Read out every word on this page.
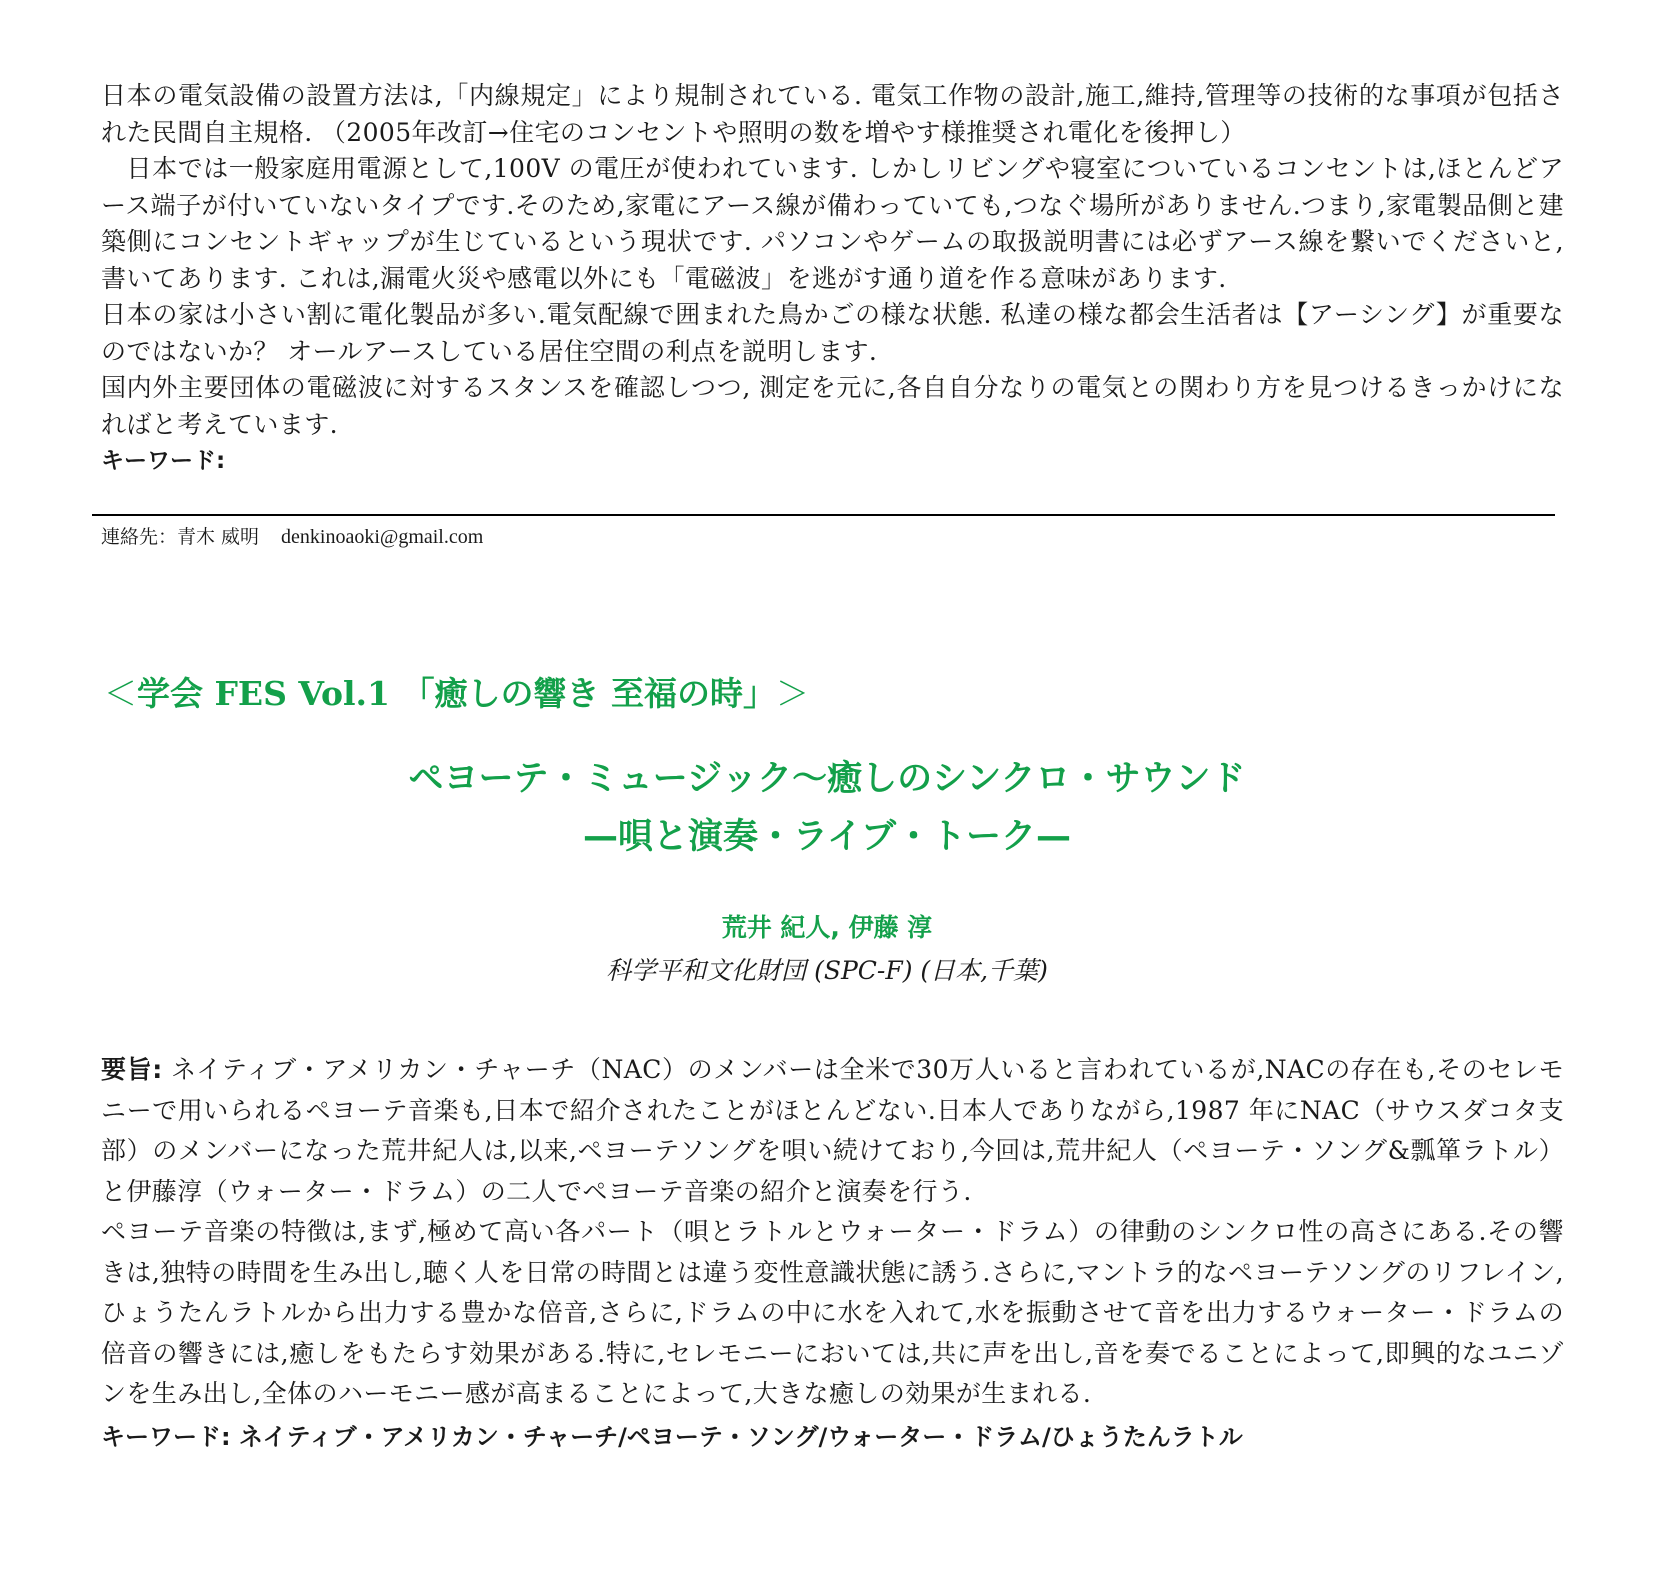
日本の電気設備の設置方法は,「内線規定」により規制されている. 電気工作物の設計,施工,維持,管理等の技術的な事項が包括された民間自主規格. （2005年改訂→住宅のコンセントや照明の数を増やす様推奨され電化を後押し）

　日本では一般家庭用電源として,100V の電圧が使われています. しかしリビングや寝室についているコンセントは,ほとんどアース端子が付いていないタイプです.そのため,家電にアース線が備わっていても,つなぐ場所がありません.つまり,家電製品側と建築側にコンセントギャップが生じているという現状です. パソコンやゲームの取扱説明書には必ずアース線を繋いでくださいと,書いてあります. これは,漏電火災や感電以外にも「電磁波」を逃がす通り道を作る意味があります.

日本の家は小さい割に電化製品が多い.電気配線で囲まれた鳥かごの様な状態. 私達の様な都会生活者は【アーシング】が重要なのではないか？ オールアースしている居住空間の利点を説明します.

国内外主要団体の電磁波に対するスタンスを確認しつつ, 測定を元に,各自自分なりの電気との関わり方を見つけるきっかけになればと考えています.

キーワード:
連絡先：青木 威明 denkinoaoki@gmail.com
＜学会 FES Vol.1 「癒しの響き 至福の時」＞
ペヨーテ・ミュージック～癒しのシンクロ・サウンド
—唄と演奏・ライブ・トーク—
荒井 紀人, 伊藤 淳
科学平和文化財団 (SPC-F) (日本,千葉)

要旨: ネイティブ・アメリカン・チャーチ（NAC）のメンバーは全米で30万人いると言われているが,NACの存在も,そのセレモニーで用いられるペヨーテ音楽も,日本で紹介されたことがほとんどない.日本人でありながら,1987 年にNAC（サウスダコタ支部）のメンバーになった荒井紀人は,以来,ペヨーテソングを唄い続けており,今回は,荒井紀人（ペヨーテ・ソング&瓢箪ラトル）と伊藤淳（ウォーター・ドラム）の二人でペヨーテ音楽の紹介と演奏を行う.

ペヨーテ音楽の特徴は,まず,極めて高い各パート（唄とラトルとウォーター・ドラム）の律動のシンクロ性の高さにある.その響きは,独特の時間を生み出し,聴く人を日常の時間とは違う変性意識状態に誘う.さらに,マントラ的なペヨーテソングのリフレイン,ひょうたんラトルから出力する豊かな倍音,さらに,ドラムの中に水を入れて,水を振動させて音を出力するウォーター・ドラムの倍音の響きには,癒しをもたらす効果がある.特に,セレモニーにおいては,共に声を出し,音を奏でることによって,即興的なユニゾンを生み出し,全体のハーモニー感が高まることによって,大きな癒しの効果が生まれる.

キーワード: ネイティブ・アメリカン・チャーチ/ペヨーテ・ソング/ウォーター・ドラム/ひょうたんラトル
